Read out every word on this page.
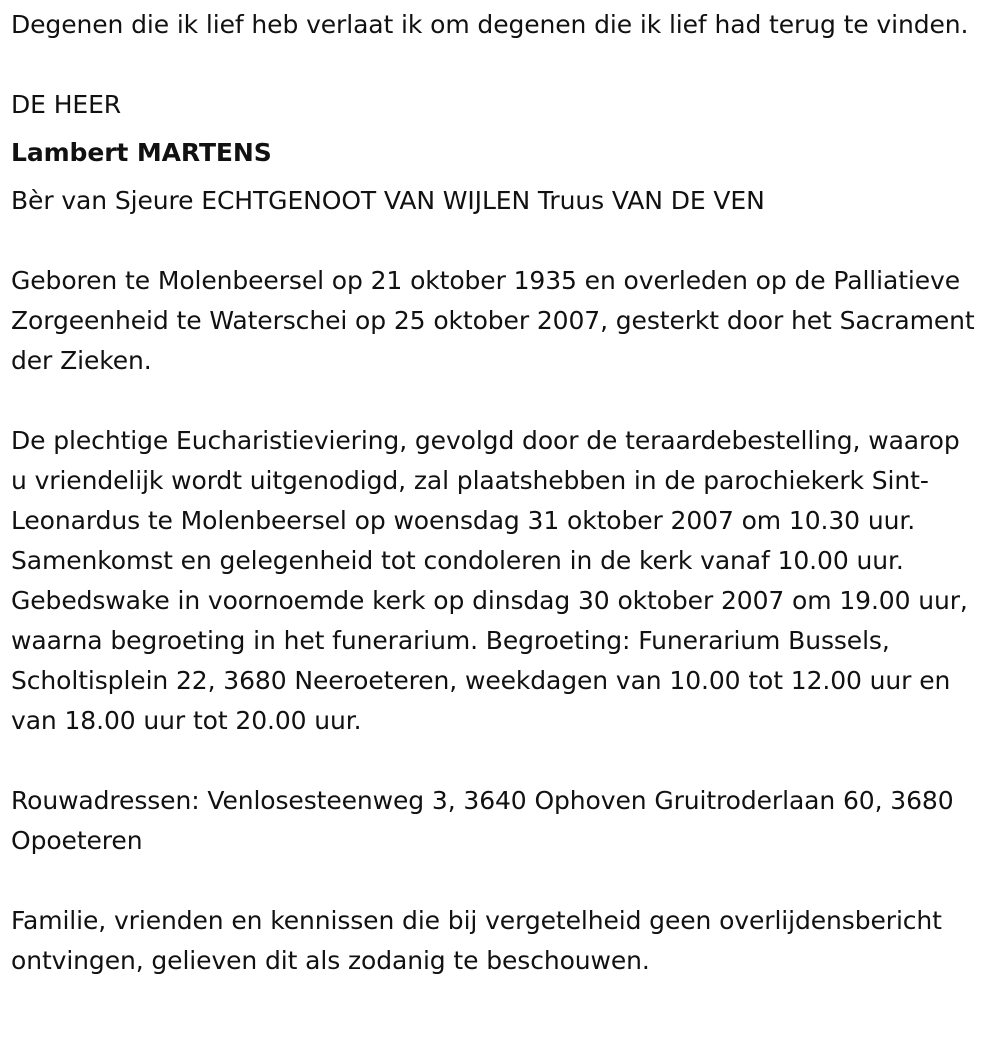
Degenen die ik lief heb verlaat ik om degenen die ik lief had terug te vinden.

DE HEER

Lambert MARTENS

Bèr van Sjeure ECHTGENOOT VAN WIJLEN Truus VAN DE VEN

Geboren te Molenbeersel op 21 oktober 1935 en overleden op de Palliatieve Zorgeenheid te Waterschei op 25 oktober 2007, gesterkt door het Sacrament der Zieken.

De plechtige Eucharistieviering, gevolgd door de teraardebestelling, waarop u vriendelijk wordt uitgenodigd, zal plaatshebben in de parochiekerk Sint-Leonardus te Molenbeersel op woensdag 31 oktober 2007 om 10.30 uur. Samenkomst en gelegenheid tot condoleren in de kerk vanaf 10.00 uur. Gebedswake in voornoemde kerk op dinsdag 30 oktober 2007 om 19.00 uur, waarna begroeting in het funerarium. Begroeting: Funerarium Bussels, Scholtisplein 22, 3680 Neeroeteren, weekdagen van 10.00 tot 12.00 uur en van 18.00 uur tot 20.00 uur.

Rouwadressen: Venlosesteenweg 3, 3640 Ophoven Gruitroderlaan 60, 3680 Opoeteren

Familie, vrienden en kennissen die bij vergetelheid geen overlijdensbericht ontvingen, gelieven dit als zodanig te beschouwen.
